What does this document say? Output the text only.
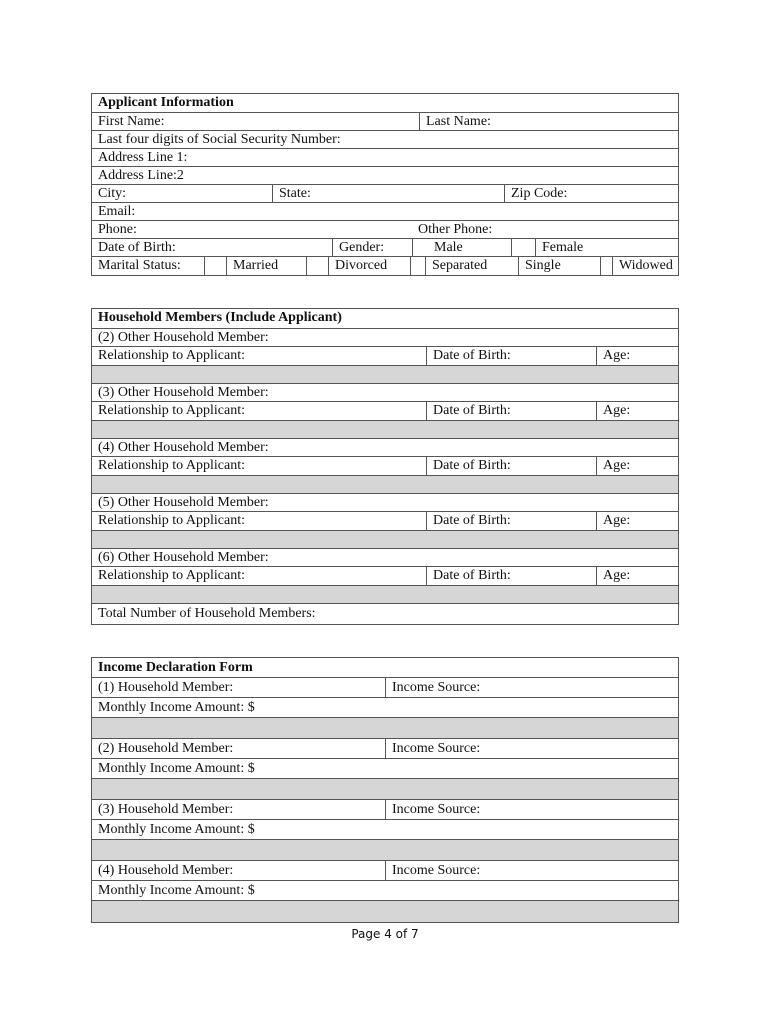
Applicant Information
First Name:	Last Name:
Last four digits of Social Security Number:
Address Line 1:
Address Line:2
City:	State:	Zip Code:
Email:
Phone:	Other Phone:
Date of Birth:	Gender:	Male	Female
Marital Status:	Married	Divorced	Separated	Single	Widowed
Household Members (Include Applicant)
(2) Other Household Member:
Relationship to Applicant:	Date of Birth:	Age:
(3) Other Household Member:
Relationship to Applicant:	Date of Birth:	Age:
(4) Other Household Member:
Relationship to Applicant:	Date of Birth:	Age:
(5) Other Household Member:
Relationship to Applicant:	Date of Birth:	Age:
(6) Other Household Member:
Relationship to Applicant:	Date of Birth:	Age:
Total Number of Household Members:
Income Declaration Form
(1) Household Member:	Income Source:
Monthly Income Amount: $
(2) Household Member:	Income Source:
Monthly Income Amount: $
(3) Household Member:	Income Source:
Monthly Income Amount: $
(4) Household Member:	Income Source:
Monthly Income Amount: $
Page 4 of 7
